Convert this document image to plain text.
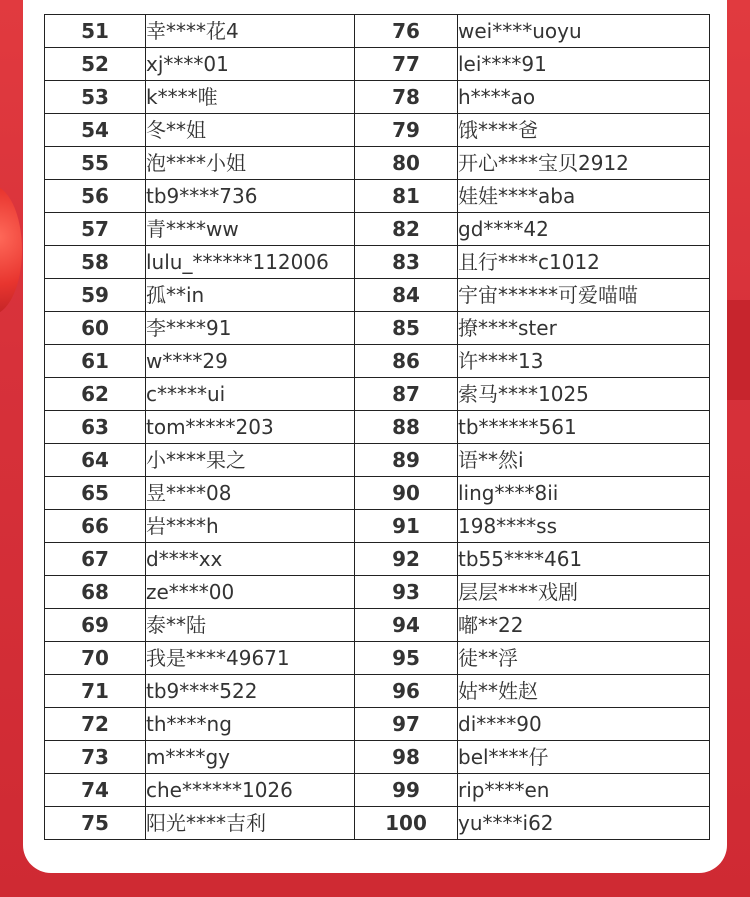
51	幸****花4	76	wei****uoyu
52	xj****01	77	lei****91
53	k****唯	78	h****ao
54	冬**姐	79	饿****爸
55	泡****小姐	80	开心****宝贝2912
56	tb9****736	81	娃娃****aba
57	青****ww	82	gd****42
58	lulu_******112006	83	且行****c1012
59	孤**in	84	宇宙******可爱喵喵
60	李****91	85	撩****ster
61	w****29	86	许****13
62	c*****ui	87	索马****1025
63	tom*****203	88	tb******561
64	小****果之	89	语**然i
65	昱****08	90	ling****8ii
66	岩****h	91	198****ss
67	d****xx	92	tb55****461
68	ze****00	93	层层****戏剧
69	泰**陆	94	嘟**22
70	我是****49671	95	徒**浮
71	tb9****522	96	姑**姓赵
72	th****ng	97	di****90
73	m****gy	98	bel****仔
74	che******1026	99	rip****en
75	阳光****吉利	100	yu****i62
